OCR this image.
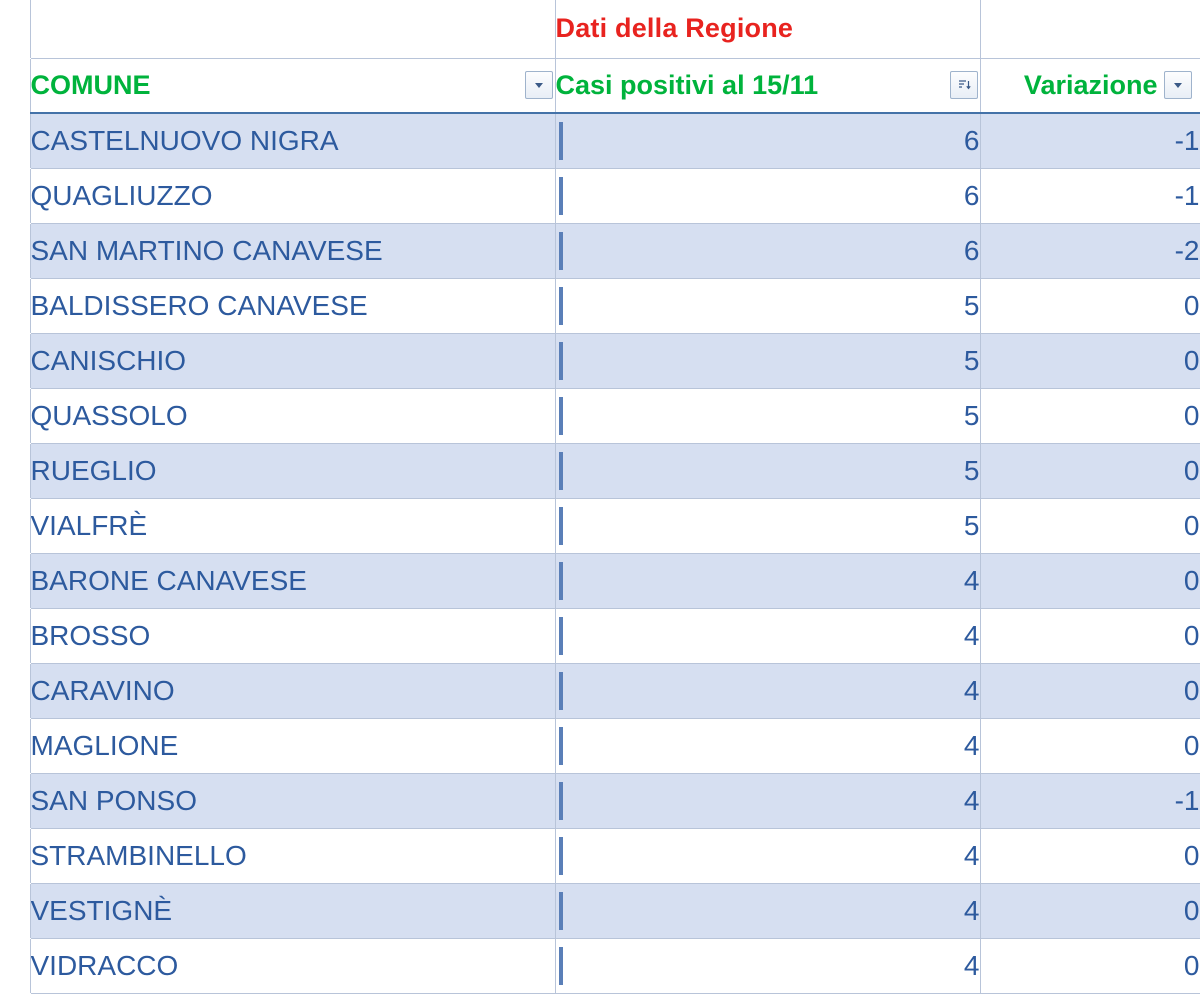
		Dati della Regione	

	COMUNE	Casi positivi al 15/11	Variazione

	CASTELNUOVO NIGRA	6	-1

	QUAGLIUZZO	6	-1

	SAN MARTINO CANAVESE	6	-2

	BALDISSERO CANAVESE	5	0

	CANISCHIO	5	0

	QUASSOLO	5	0

	RUEGLIO	5	0

	VIALFRÈ	5	0

	BARONE CANAVESE	4	0

	BROSSO	4	0

	CARAVINO	4	0

	MAGLIONE	4	0

	SAN PONSO	4	-1

	STRAMBINELLO	4	0

	VESTIGNÈ	4	0

	VIDRACCO	4	0
